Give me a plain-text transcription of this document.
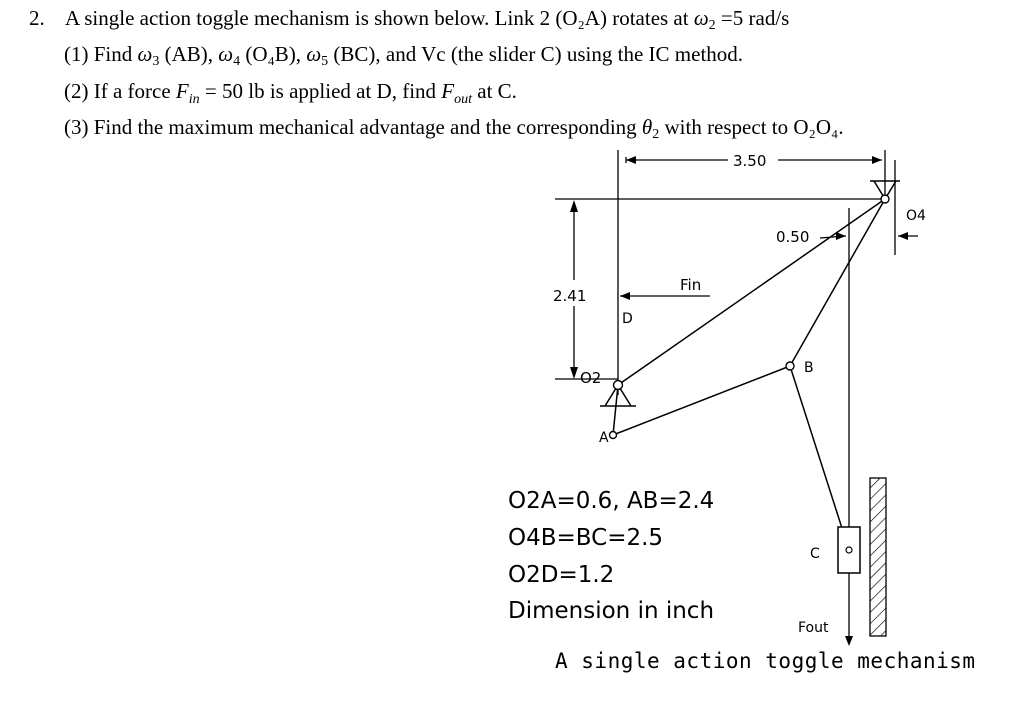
2. A single action toggle mechanism is shown below. Link 2 (O₂A) rotates at ω2 =5 rad/s
(1) Find ω3 (AB), ω4 (O₄B), ω5 (BC), and Vc (the slider C) using the IC method.
(2) If a force $F_{in} = 50$ lb is applied at D, find $F_{out}$ at C.
(3) Find the maximum mechanical advantage and the corresponding θ2 with respect to O₂O₄.
3.50
2.41
0.50
O4
O2
D
A
B
C
Fin
Fout
O2A=0.6, AB=2.4
O4B=BC=2.5
O2D=1.2
Dimension in inch
A single action toggle mechanism
